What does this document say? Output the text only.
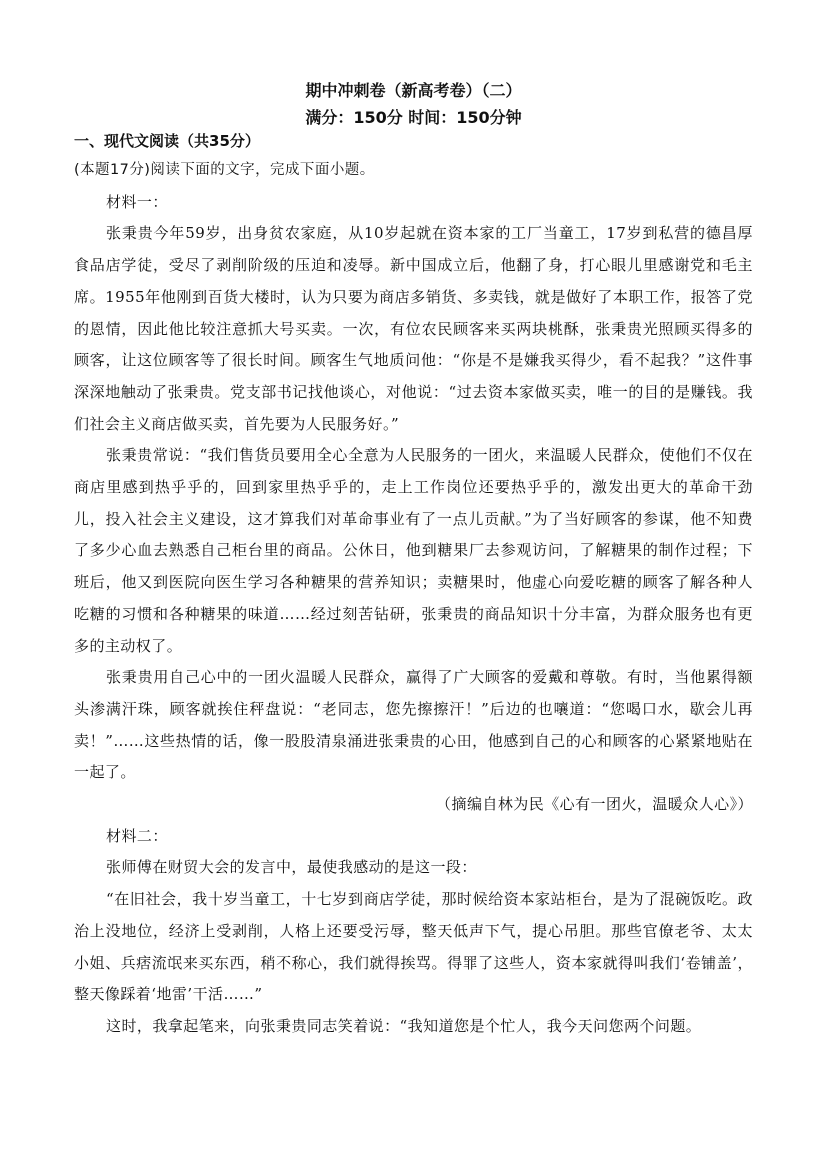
期中冲刺卷（新高考卷）（二）
满分：150分 时间：150分钟
一、现代文阅读（共35分）

(本题17分)阅读下面的文字，完成下面小题。

材料一：

张秉贵今年59岁，出身贫农家庭，从10岁起就在资本家的工厂当童工，17岁到私营的德昌厚食品店学徒，受尽了剥削阶级的压迫和凌辱。新中国成立后，他翻了身，打心眼儿里感谢党和毛主席。1955年他刚到百货大楼时，认为只要为商店多销货、多卖钱，就是做好了本职工作，报答了党的恩情，因此他比较注意抓大号买卖。一次，有位农民顾客来买两块桃酥，张秉贵光照顾买得多的顾客，让这位顾客等了很长时间。顾客生气地质问他：“你是不是嫌我买得少，看不起我？”这件事深深地触动了张秉贵。党支部书记找他谈心，对他说：“过去资本家做买卖，唯一的目的是赚钱。我们社会主义商店做买卖，首先要为人民服务好。”

张秉贵常说：“我们售货员要用全心全意为人民服务的一团火，来温暖人民群众，使他们不仅在商店里感到热乎乎的，回到家里热乎乎的，走上工作岗位还要热乎乎的，激发出更大的革命干劲儿，投入社会主义建设，这才算我们对革命事业有了一点儿贡献。”为了当好顾客的参谋，他不知费了多少心血去熟悉自己柜台里的商品。公休日，他到糖果厂去参观访问，了解糖果的制作过程；下班后，他又到医院向医生学习各种糖果的营养知识；卖糖果时，他虚心向爱吃糖的顾客了解各种人吃糖的习惯和各种糖果的味道……经过刻苦钻研，张秉贵的商品知识十分丰富，为群众服务也有更多的主动权了。

张秉贵用自己心中的一团火温暖人民群众，赢得了广大顾客的爱戴和尊敬。有时，当他累得额头渗满汗珠，顾客就挨住秤盘说：“老同志，您先擦擦汗！”后边的也嚷道：“您喝口水，歇会儿再卖！”……这些热情的话，像一股股清泉涌进张秉贵的心田，他感到自己的心和顾客的心紧紧地贴在一起了。

（摘编自林为民《心有一团火，温暖众人心》）

材料二：

张师傅在财贸大会的发言中，最使我感动的是这一段：

“在旧社会，我十岁当童工，十七岁到商店学徒，那时候给资本家站柜台，是为了混碗饭吃。政治上没地位，经济上受剥削，人格上还要受污辱，整天低声下气，提心吊胆。那些官僚老爷、太太小姐、兵痞流氓来买东西，稍不称心，我们就得挨骂。得罪了这些人，资本家就得叫我们‘卷铺盖’，整天像踩着‘地雷’干活……”

这时，我拿起笔来，向张秉贵同志笑着说：“我知道您是个忙人，我今天问您两个问题。
